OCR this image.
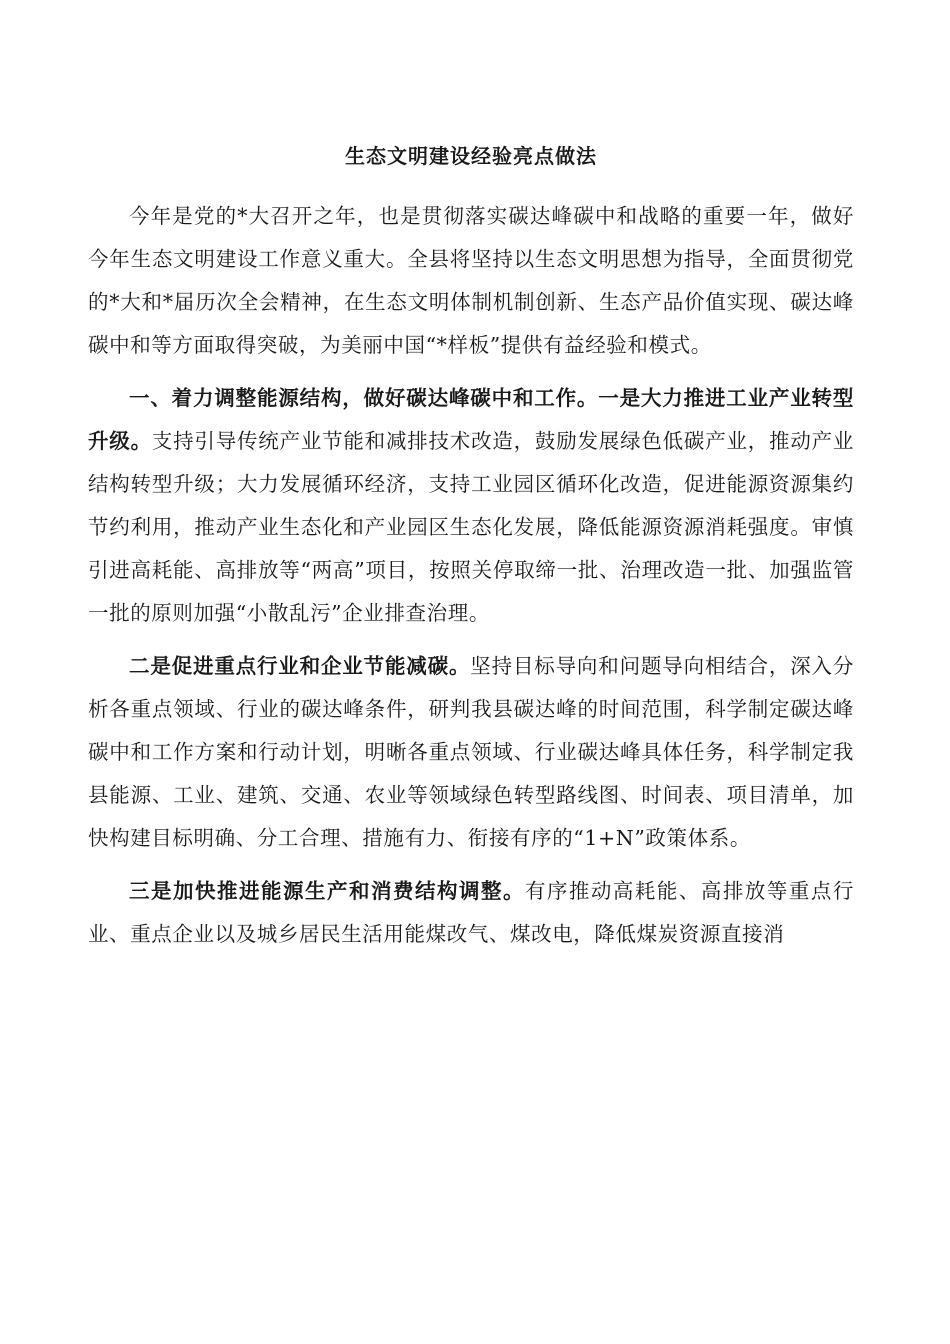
生态文明建设经验亮点做法

今年是党的*大召开之年，也是贯彻落实碳达峰碳中和战略的重要一年，做好今年生态文明建设工作意义重大。全县将坚持以生态文明思想为指导，全面贯彻党的*大和*届历次全会精神，在生态文明体制机制创新、生态产品价值实现、碳达峰碳中和等方面取得突破，为美丽中国“*样板”提供有益经验和模式。

一、着力调整能源结构，做好碳达峰碳中和工作。一是大力推进工业产业转型升级。支持引导传统产业节能和减排技术改造，鼓励发展绿色低碳产业，推动产业结构转型升级；大力发展循环经济，支持工业园区循环化改造，促进能源资源集约节约利用，推动产业生态化和产业园区生态化发展，降低能源资源消耗强度。审慎引进高耗能、高排放等“两高”项目，按照关停取缔一批、治理改造一批、加强监管一批的原则加强“小散乱污”企业排查治理。

二是促进重点行业和企业节能减碳。坚持目标导向和问题导向相结合，深入分析各重点领域、行业的碳达峰条件，研判我县碳达峰的时间范围，科学制定碳达峰碳中和工作方案和行动计划，明晰各重点领域、行业碳达峰具体任务，科学制定我县能源、工业、建筑、交通、农业等领域绿色转型路线图、时间表、项目清单，加快构建目标明确、分工合理、措施有力、衔接有序的“1+N”政策体系。

三是加快推进能源生产和消费结构调整。有序推动高耗能、高排放等重点行业、重点企业以及城乡居民生活用能煤改气、煤改电，降低煤炭资源直接消
